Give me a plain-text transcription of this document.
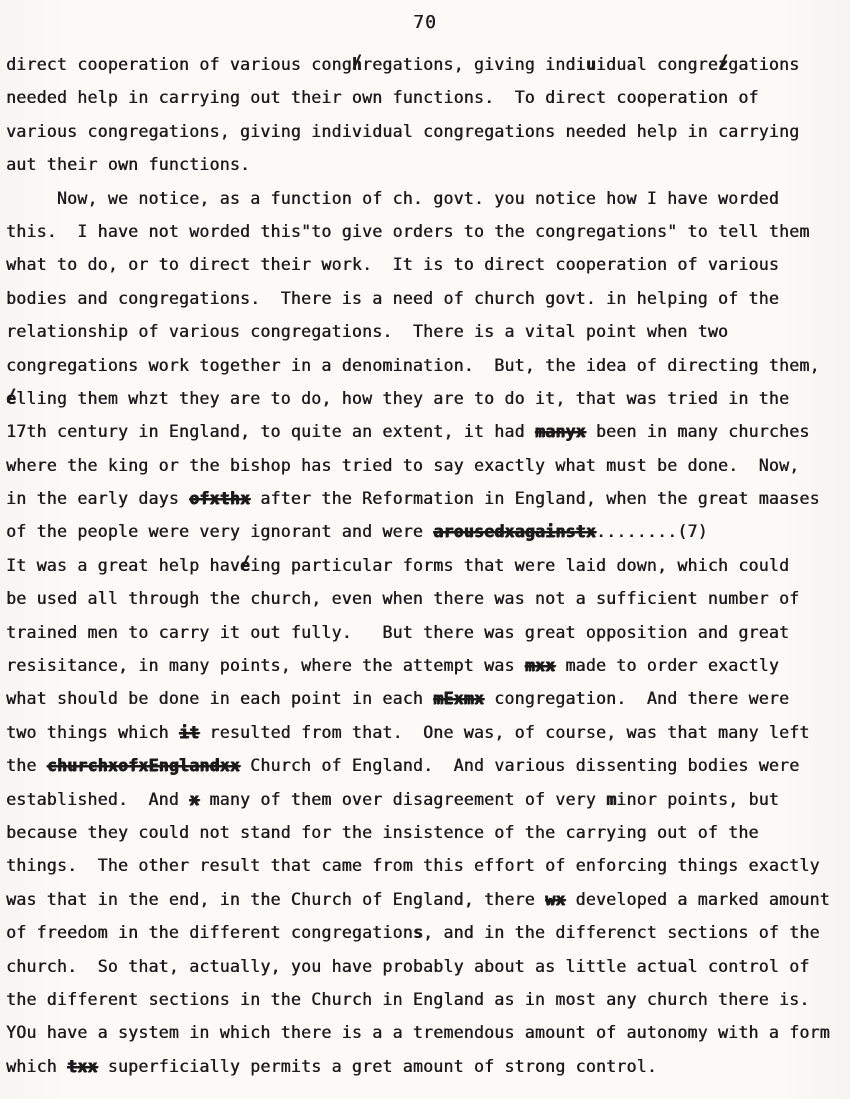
70
direct cooperation of various congh /regations, giving indiuidual congrez /gations
needed help in carrying out their own functions.  To direct cooperation of
various congregations, giving individual congregations needed help in carrying
aut their own functions.
Now, we notice, as a function of ch. govt. you notice how I have worded
this.  I have not worded this"to give orders to the congregations" to tell them
what to do, or to direct their work.  It is to direct cooperation of various
bodies and congregations.  There is a need of church govt. in helping of the
relationship of various congregations.  There is a vital point when two
congregations work together in a denomination.  But, the idea of directing them,
e /lling them whzt they are to do, how they are to do it, that was tried in the
17th century in England, to quite an extent, it had manyx been in many churches
where the king or the bishop has tried to say exactly what must be done.  Now,
in the early days ofxthx after the Reformation in England, when the great maases
of the people were very ignorant and were arousedxagainstx........(7)
It was a great help have /ing particular forms that were laid down, which could
be used all through the church, even when there was not a sufficient number of
trained men to carry it out fully.   But there was great opposition and great
resisitance, in many points, where the attempt was mxx made to order exactly
what should be done in each point in each mExmx congregation.  And there were
two things which it resulted from that.  One was, of course, was that many left
the churchxofxEnglandxx Church of England.  And various dissenting bodies were
established.  And x many of them over disagreement of very minor points, but
because they could not stand for the insistence of the carrying out of the
things.  The other result that came from this effort of enforcing things exactly
was that in the end, in the Church of England, there wx developed a marked amount
of freedom in the different congregations, and in the differenct sections of the
church.  So that, actually, you have probably about as little actual control of
the different sections in the Church in England as in most any church there is.
YOu have a system in which there is a a tremendous amount of autonomy with a form
which txx superficially permits a gret amount of strong control.
